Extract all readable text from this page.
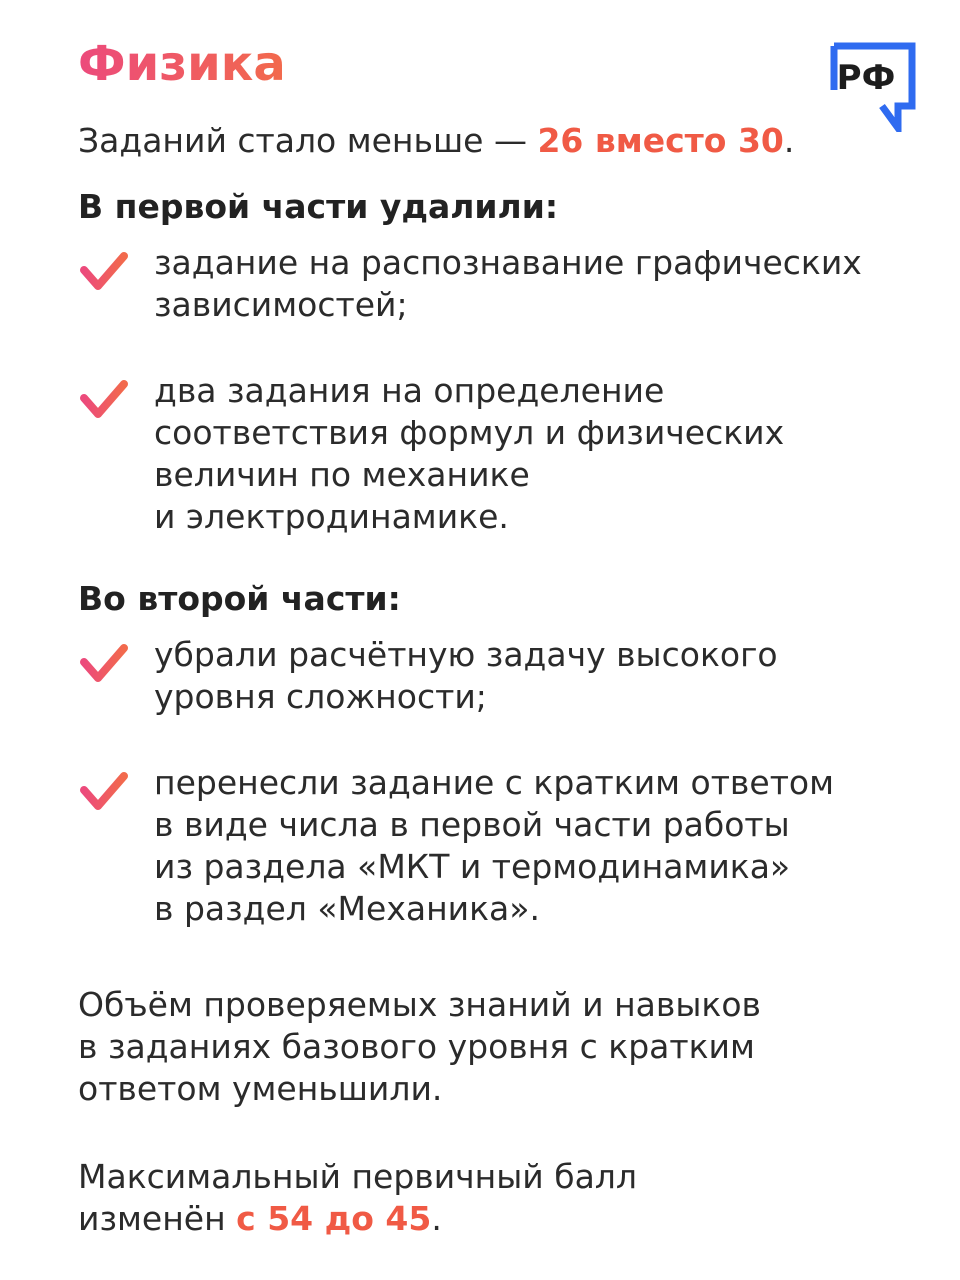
Физика	РФ
Заданий стало меньше — 26 вместо 30.
В первой части удалили:
задание на распознавание графических
зависимостей;
два задания на определение
соответствия формул и физических
величин по механике
и электродинамике.
Во второй части:
убрали расчётную задачу высокого
уровня сложности;
перенесли задание с кратким ответом
в виде числа в первой части работы
из раздела «МКТ и термодинамика»
в раздел «Механика».
Объём проверяемых знаний и навыков
в заданиях базового уровня с кратким
ответом уменьшили.
Максимальный первичный балл
изменён с 54 до 45.
